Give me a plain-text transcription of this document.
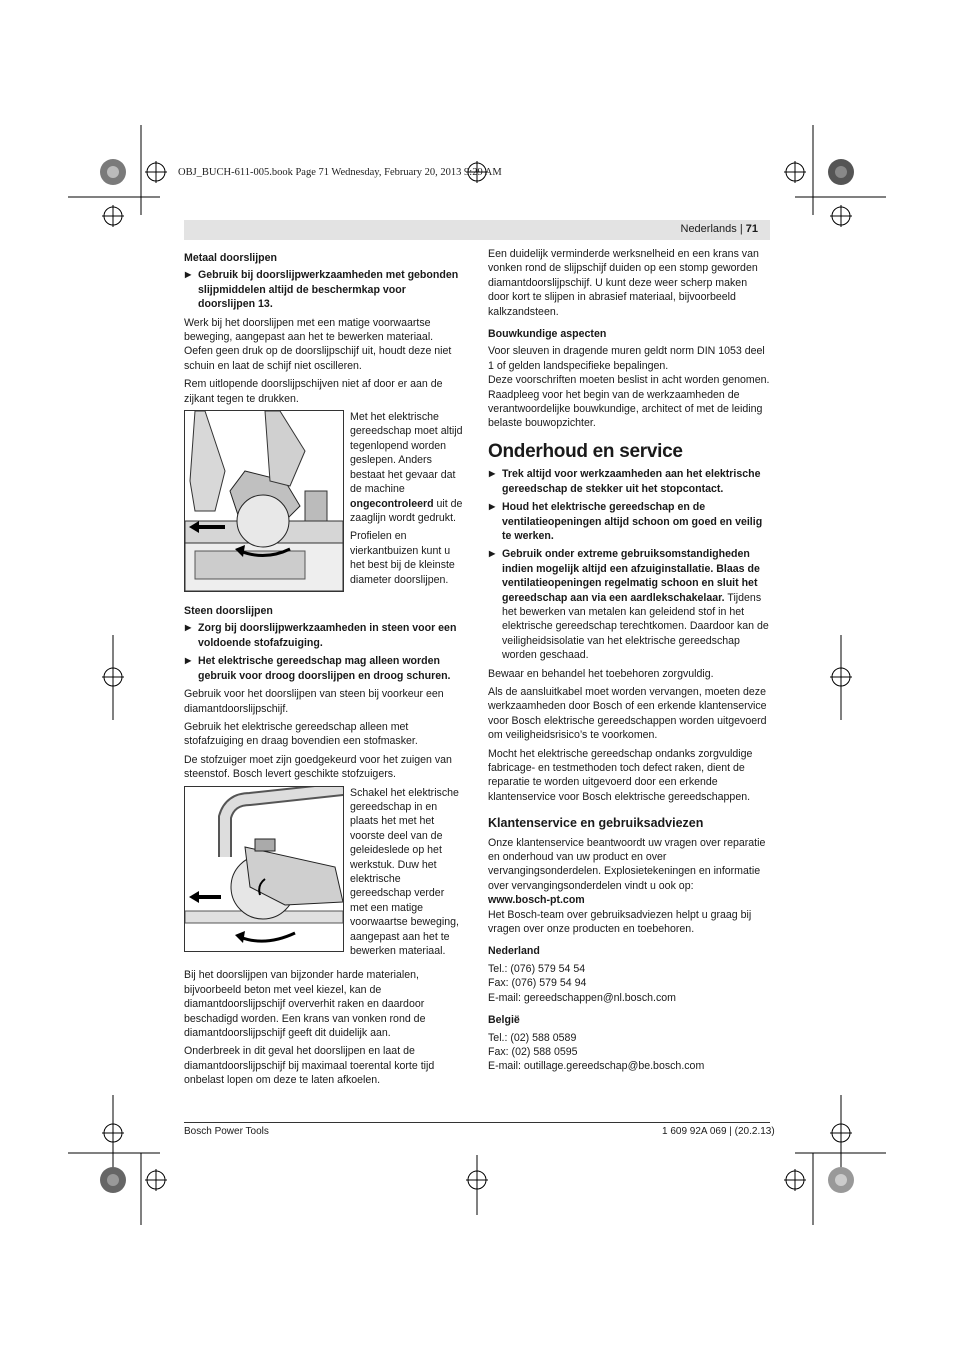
OBJ_BUCH-611-005.book Page 71 Wednesday, February 20, 2013 9:29 AM
Nederlands | 71

Metaal doorslijpen

▶ Gebruik bij doorslijpwerkzaamheden met gebonden slijpmiddelen altijd de beschermkap voor doorslijpen 13.

Werk bij het doorslijpen met een matige voorwaartse beweging, aangepast aan het te bewerken materiaal. Oefen geen druk op de doorslijpschijf uit, houdt deze niet schuin en laat de schijf niet oscilleren.

Rem uitlopende doorslijpschijven niet af door er aan de zijkant tegen te drukken.

Met het elektrische gereedschap moet altijd tegenlopend worden geslepen. Anders bestaat het gevaar dat de machine ongecontroleerd uit de zaaglijn wordt gedrukt.

Profielen en vierkantbuizen kunt u het best bij de kleinste diameter doorslijpen.

Steen doorslijpen

▶ Zorg bij doorslijpwerkzaamheden in steen voor een voldoende stofafzuiging.

▶ Het elektrische gereedschap mag alleen worden gebruik voor droog doorslijpen en droog schuren.

Gebruik voor het doorslijpen van steen bij voorkeur een diamantdoorslijpschijf.

Gebruik het elektrische gereedschap alleen met stofafzuiging en draag bovendien een stofmasker.

De stofzuiger moet zijn goedgekeurd voor het zuigen van steenstof. Bosch levert geschikte stofzuigers.

Schakel het elektrische gereedschap in en plaats het met het voorste deel van de geleideslede op het werkstuk. Duw het elektrische gereedschap verder met een matige voorwaartse beweging, aangepast aan het te bewerken materiaal.

Bij het doorslijpen van bijzonder harde materialen, bijvoorbeeld beton met veel kiezel, kan de diamantdoorslijpschijf oververhit raken en daardoor beschadigd worden. Een krans van vonken rond de diamantdoorslijpschijf geeft dit duidelijk aan.

Onderbreek in dit geval het doorslijpen en laat de diamantdoorslijpschijf bij maximaal toerental korte tijd onbelast lopen om deze te laten afkoelen.

Een duidelijk verminderde werksnelheid en een krans van vonken rond de slijpschijf duiden op een stomp geworden diamantdoorslijpschijf. U kunt deze weer scherp maken door kort te slijpen in abrasief materiaal, bijvoorbeeld kalkzandsteen.

Bouwkundige aspecten

Voor sleuven in dragende muren geldt norm DIN 1053 deel 1 of gelden landspecifieke bepalingen.

Deze voorschriften moeten beslist in acht worden genomen. Raadpleeg voor het begin van de werkzaamheden de verantwoordelijke bouwkundige, architect of met de leiding belaste bouwopzichter.

Onderhoud en service

▶ Trek altijd voor werkzaamheden aan het elektrische gereedschap de stekker uit het stopcontact.

▶ Houd het elektrische gereedschap en de ventilatieopeningen altijd schoon om goed en veilig te werken.

▶ Gebruik onder extreme gebruiksomstandigheden indien mogelijk altijd een afzuiginstallatie. Blaas de ventilatieopeningen regelmatig schoon en sluit het gereedschap aan via een aardlekschakelaar. Tijdens het bewerken van metalen kan geleidend stof in het elektrische gereedschap terechtkomen. Daardoor kan de veiligheidsisolatie van het elektrische gereedschap worden geschaad.

Bewaar en behandel het toebehoren zorgvuldig.

Als de aansluitkabel moet worden vervangen, moeten deze werkzaamheden door Bosch of een erkende klantenservice voor Bosch elektrische gereedschappen worden uitgevoerd om veiligheidsrisico’s te voorkomen.

Mocht het elektrische gereedschap ondanks zorgvuldige fabricage- en testmethoden toch defect raken, dient de reparatie te worden uitgevoerd door een erkende klantenservice voor Bosch elektrische gereedschappen.

Klantenservice en gebruiksadviezen

Onze klantenservice beantwoordt uw vragen over reparatie en onderhoud van uw product en over vervangingsonderdelen. Explosietekeningen en informatie over vervangingsonderdelen vindt u ook op:

www.bosch-pt.com

Het Bosch-team over gebruiksadviezen helpt u graag bij vragen over onze producten en toebehoren.

Nederland

Tel.: (076) 579 54 54

Fax: (076) 579 54 94

E-mail: gereedschappen@nl.bosch.com

België

Tel.: (02) 588 0589

Fax: (02) 588 0595

E-mail: outillage.gereedschap@be.bosch.com

Bosch Power Tools	1 609 92A 069 | (20.2.13)
